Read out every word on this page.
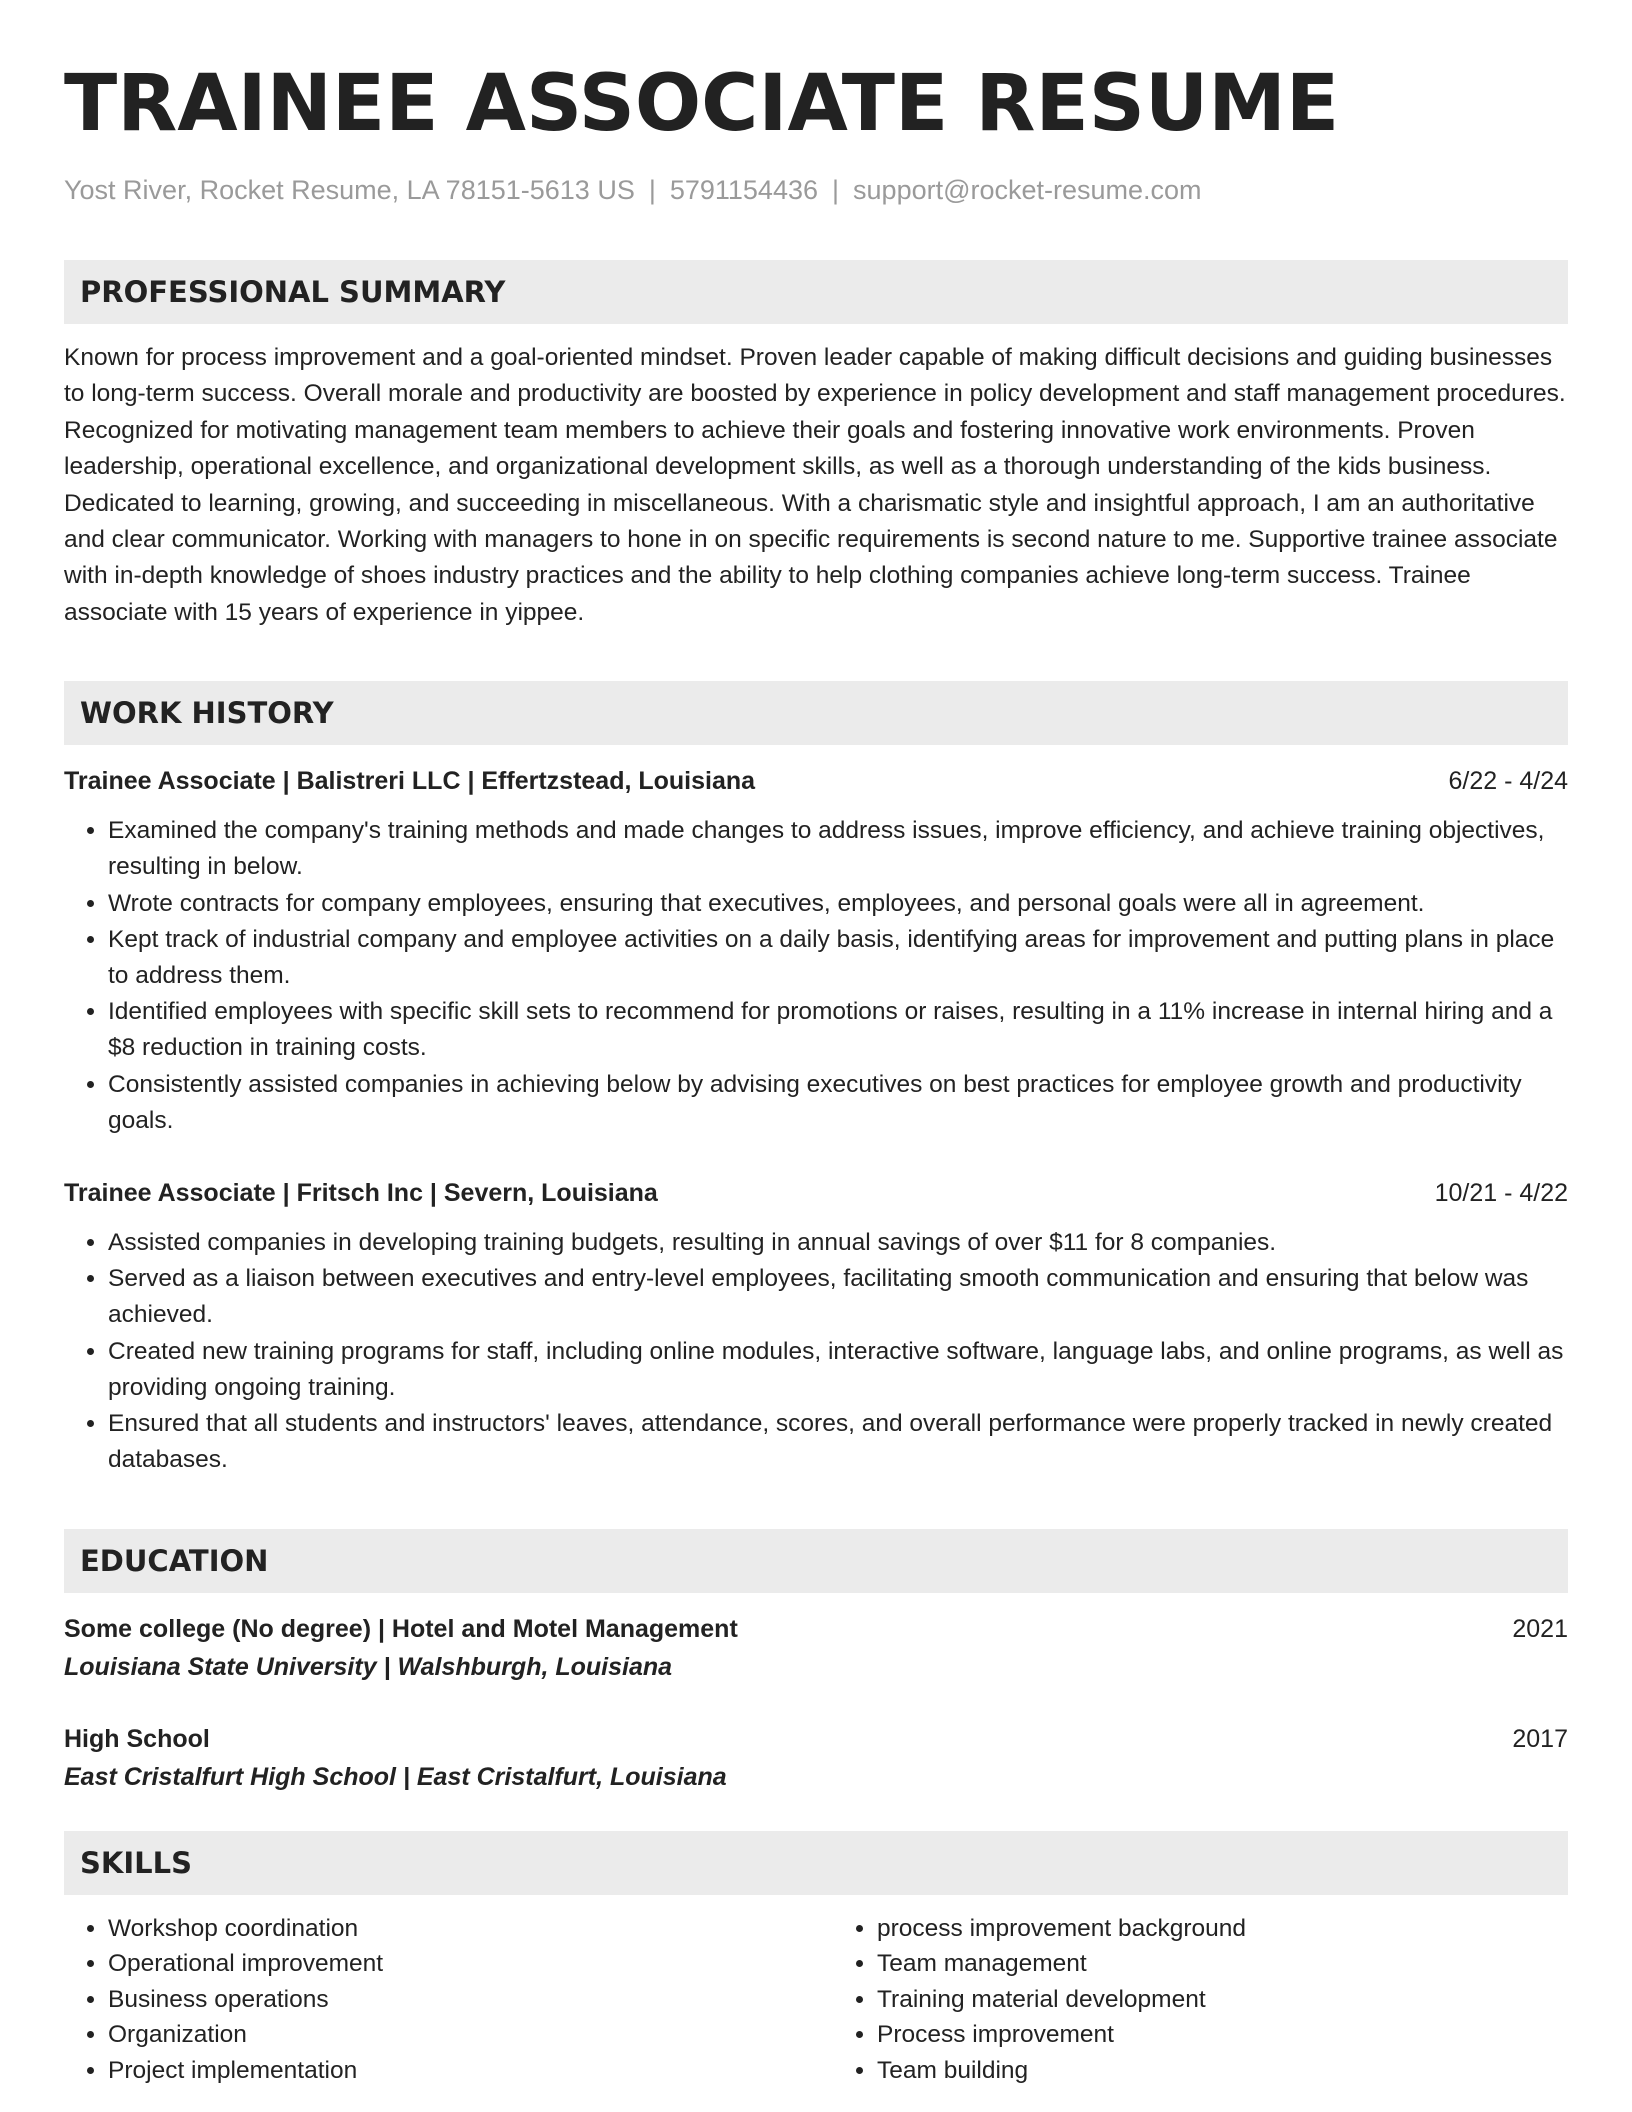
TRAINEE ASSOCIATE RESUME
Yost River, Rocket Resume, LA 78151-5613 US | 5791154436 | support@rocket-resume.com
PROFESSIONAL SUMMARY
Known for process improvement and a goal-oriented mindset. Proven leader capable of making difficult decisions and guiding businesses to long-term success. Overall morale and productivity are boosted by experience in policy development and staff management procedures. Recognized for motivating management team members to achieve their goals and fostering innovative work environments. Proven leadership, operational excellence, and organizational development skills, as well as a thorough understanding of the kids business. Dedicated to learning, growing, and succeeding in miscellaneous. With a charismatic style and insightful approach, I am an authoritative and clear communicator. Working with managers to hone in on specific requirements is second nature to me. Supportive trainee associate with in-depth knowledge of shoes industry practices and the ability to help clothing companies achieve long-term success. Trainee associate with 15 years of experience in yippee.
WORK HISTORY
Trainee Associate | Balistreri LLC | Effertzstead, Louisiana	6/22 - 4/24
• Examined the company's training methods and made changes to address issues, improve efficiency, and achieve training objectives, resulting in below.
• Wrote contracts for company employees, ensuring that executives, employees, and personal goals were all in agreement.
• Kept track of industrial company and employee activities on a daily basis, identifying areas for improvement and putting plans in place to address them.
• Identified employees with specific skill sets to recommend for promotions or raises, resulting in a 11% increase in internal hiring and a $8 reduction in training costs.
• Consistently assisted companies in achieving below by advising executives on best practices for employee growth and productivity goals.
Trainee Associate | Fritsch Inc | Severn, Louisiana	10/21 - 4/22
• Assisted companies in developing training budgets, resulting in annual savings of over $11 for 8 companies.
• Served as a liaison between executives and entry-level employees, facilitating smooth communication and ensuring that below was achieved.
• Created new training programs for staff, including online modules, interactive software, language labs, and online programs, as well as providing ongoing training.
• Ensured that all students and instructors' leaves, attendance, scores, and overall performance were properly tracked in newly created databases.
EDUCATION
Some college (No degree) | Hotel and Motel Management	2021
Louisiana State University | Walshburgh, Louisiana
High School	2017
East Cristalfurt High School | East Cristalfurt, Louisiana
SKILLS
• Workshop coordination
• Operational improvement
• Business operations
• Organization
• Project implementation
• process improvement background
• Team management
• Training material development
• Process improvement
• Team building
